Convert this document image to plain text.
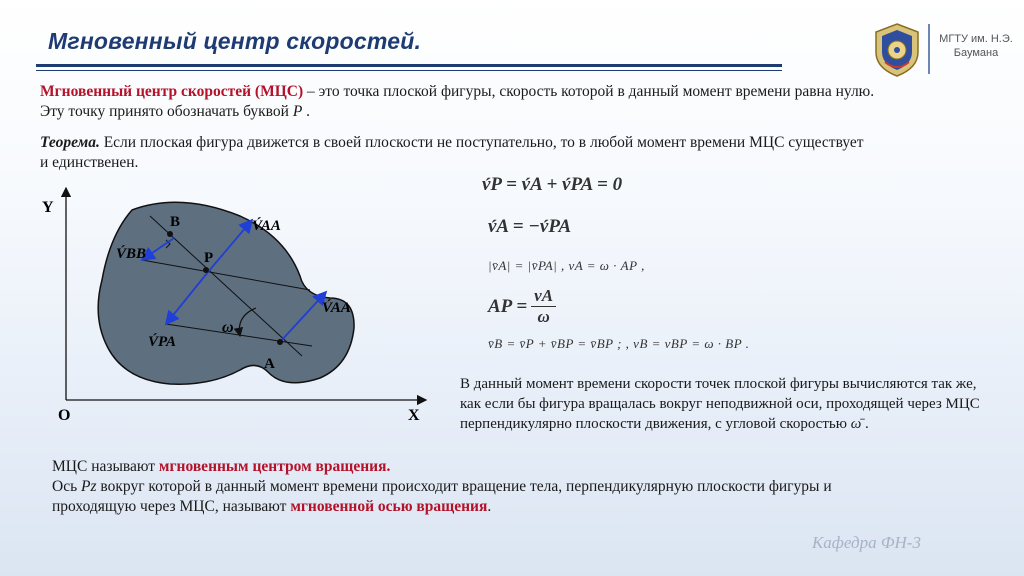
Мгновенный центр скоростей.	МГТУ им. Н.Э.
Баумана
Мгновенный центр скоростей (МЦС) – это точка плоской фигуры, скорость которой в данный момент времени равна нулю.
Эту точку принято обозначать буквой P .
Теорема. Если плоская фигура движется в своей плоскости не поступательно, то в любой момент времени МЦС существует и единственен.
Y
X
O
B
P
A
V́AA
V́AA
V́BB
V́PA
ω
v́P = v́A + v́PA = 0
v́A = −v́PA
|v̄A| = |v̄PA| , vA = ω · AP ,
AP = $\frac{vA}{\omega}$
v̄B = v̄P + v̄BP = v̄BP ; , vB = vBP = ω · BP .
В данный момент времени скорости точек плоской фигуры вычисляются так же, как если бы фигура вращалась вокруг неподвижной оси, проходящей через МЦС перпендикулярно плоскости движения, с угловой скоростью ω̄ .
МЦС называют мгновенным центром вращения.
Ось Pz вокруг которой в данный момент времени происходит вращение тела, перпендикулярную плоскости фигуры и
проходящую через МЦС, называют мгновенной осью вращения.
Кафедра ФН-3
